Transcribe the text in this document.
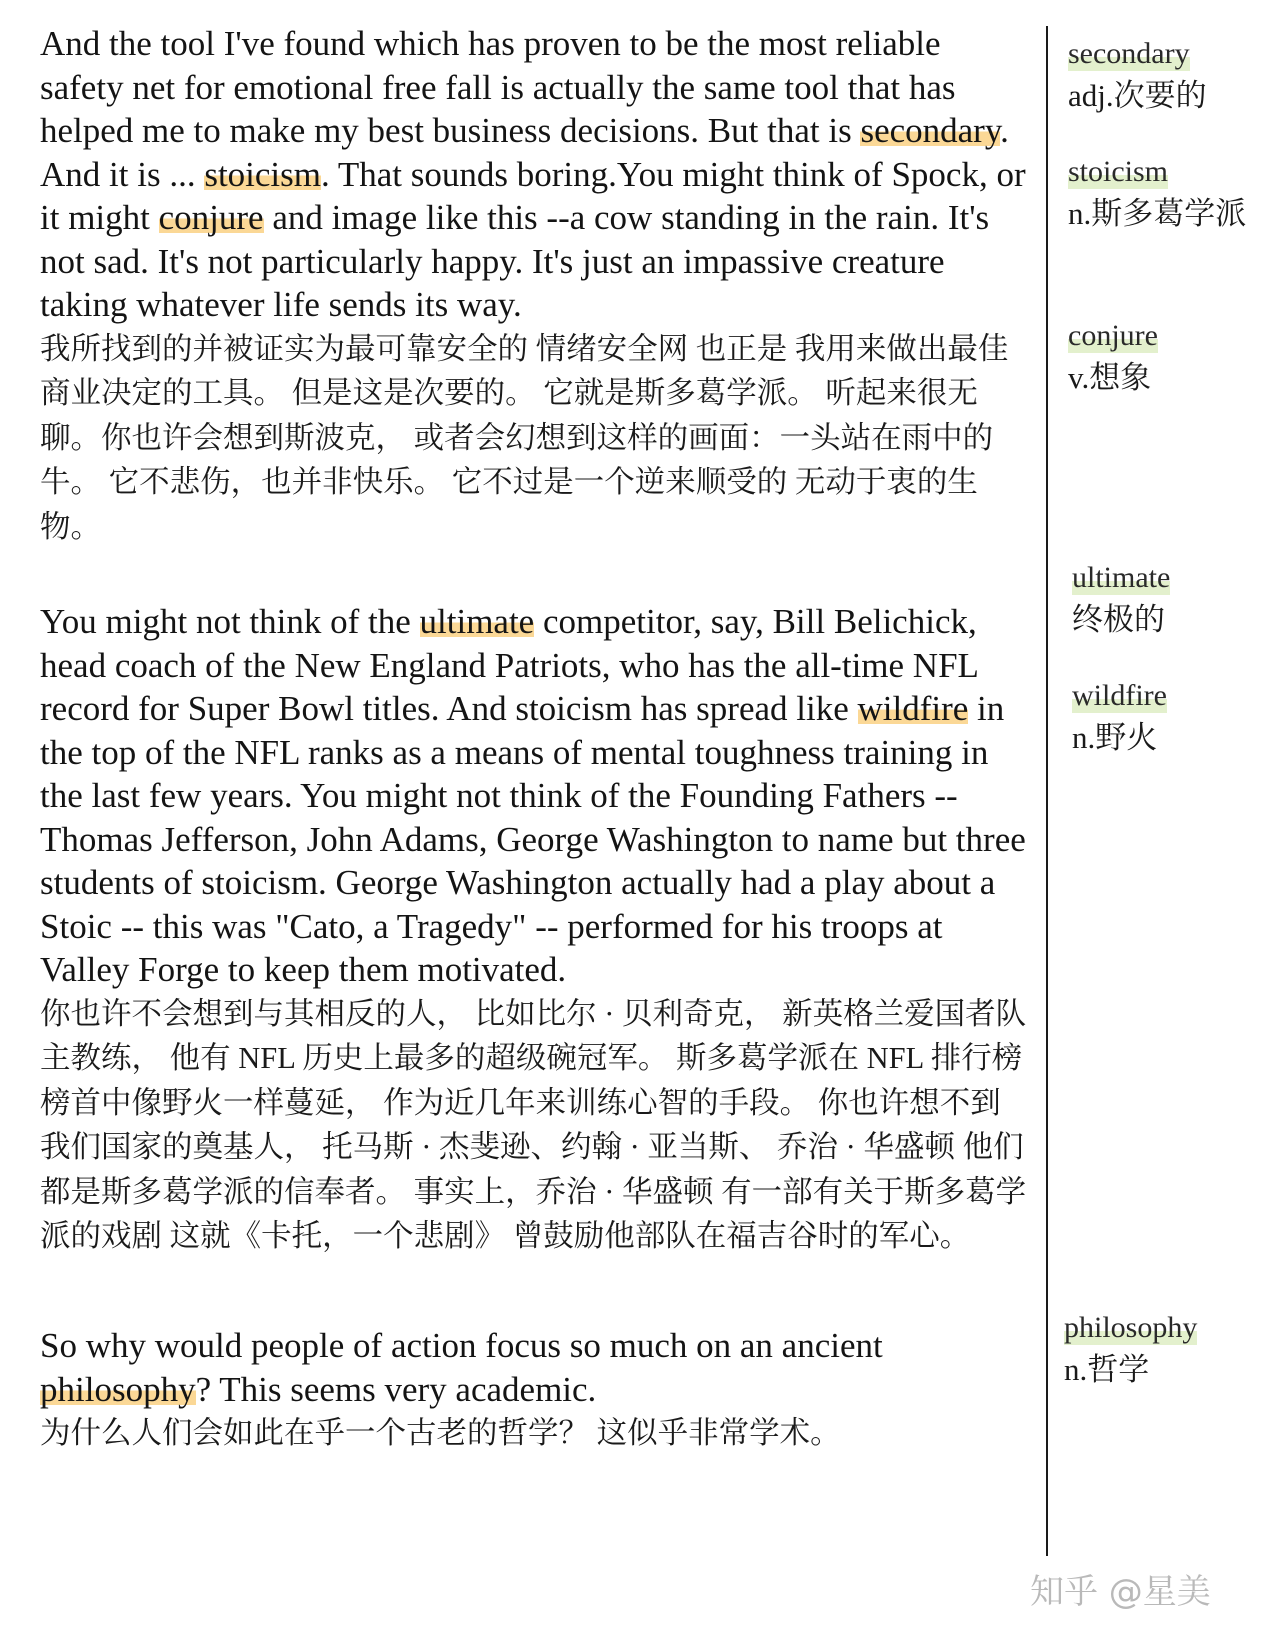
And the tool I've found which has proven to be the most reliable safety net for emotional free fall is actually the same tool that has helped me to make my best business decisions. But that is secondary. And it is ... stoicism. That sounds boring.You might think of Spock, or it might conjure and image like this --a cow standing in the rain. It's not sad. It's not particularly happy. It's just an impassive creature taking whatever life sends its way.

我所找到的并被证实为最可靠安全的 情绪安全网 也正是 我用来做出最佳商业决定的工具。 但是这是次要的。 它就是斯多葛学派。 听起来很无聊。你也许会想到斯波克， 或者会幻想到这样的画面：一头站在雨中的牛。 它不悲伤，也并非快乐。 它不过是一个逆来顺受的 无动于衷的生物。

You might not think of the ultimate competitor, say, Bill Belichick, head coach of the New England Patriots, who has the all-time NFL record for Super Bowl titles. And stoicism has spread like wildfire in the top of the NFL ranks as a means of mental toughness training in the last few years. You might not think of the Founding Fathers -- Thomas Jefferson, John Adams, George Washington to name but three students of stoicism. George Washington actually had a play about a Stoic -- this was "Cato, a Tragedy" -- performed for his troops at Valley Forge to keep them motivated.

你也许不会想到与其相反的人， 比如比尔 · 贝利奇克， 新英格兰爱国者队主教练， 他有 NFL 历史上最多的超级碗冠军。 斯多葛学派在 NFL 排行榜榜首中像野火一样蔓延， 作为近几年来训练心智的手段。 你也许想不到我们国家的奠基人， 托马斯 · 杰斐逊、约翰 · 亚当斯、 乔治 · 华盛顿 他们都是斯多葛学派的信奉者。 事实上，乔治 · 华盛顿 有一部有关于斯多葛学派的戏剧 这就《卡托，一个悲剧》 曾鼓励他部队在福吉谷时的军心。

So why would people of action focus so much on an ancient philosophy? This seems very academic.

为什么人们会如此在乎一个古老的哲学？ 这似乎非常学术。

secondary
adj.次要的
stoicism
n.斯多葛学派
conjure
v.想象
ultimate
终极的
wildfire
n.野火
philosophy
n.哲学
知乎 @星美
